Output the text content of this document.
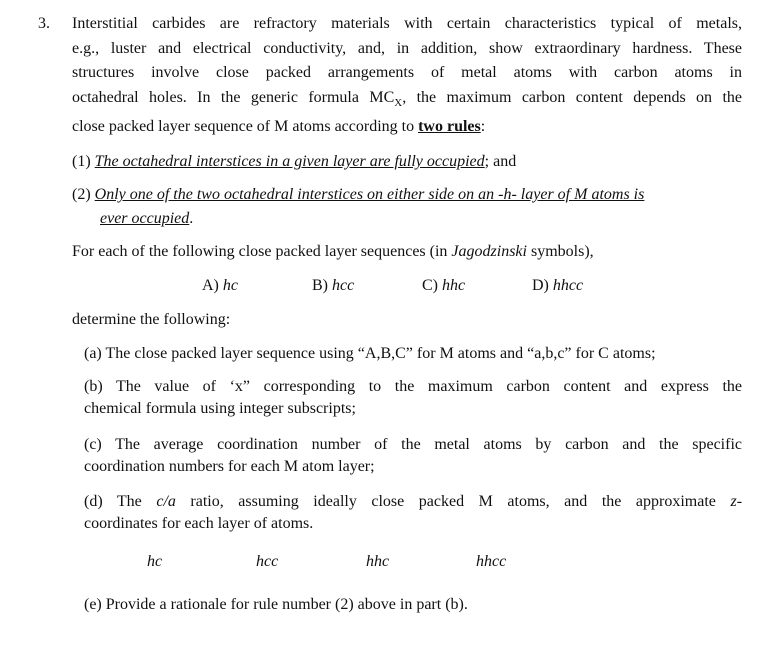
3. Interstitial carbides are refractory materials with certain characteristics typical of metals,
e.g., luster and electrical conductivity, and, in addition, show extraordinary hardness. These
structures involve close packed arrangements of metal atoms with carbon atoms in
octahedral holes. In the generic formula $MC_X$, the maximum carbon content depends on the
close packed layer sequence of M atoms according to two rules:
(1) The octahedral interstices in a given layer are fully occupied; and
(2) Only one of the two octahedral interstices on either side on an -h- layer of M atoms is
ever occupied.
For each of the following close packed layer sequences (in Jagodzinski symbols),
A) hc	B) hcc	C) hhc	D) hhcc
determine the following:
(a) The close packed layer sequence using “A,B,C” for M atoms and “a,b,c” for C atoms;
(b) The value of ‘x” corresponding to the maximum carbon content and express the
chemical formula using integer subscripts;
(c) The average coordination number of the metal atoms by carbon and the specific
coordination numbers for each M atom layer;
(d) The c/a ratio, assuming ideally close packed M atoms, and the approximate z-
coordinates for each layer of atoms.
hc	hcc	hhc	hhcc
(e) Provide a rationale for rule number (2) above in part (b).
